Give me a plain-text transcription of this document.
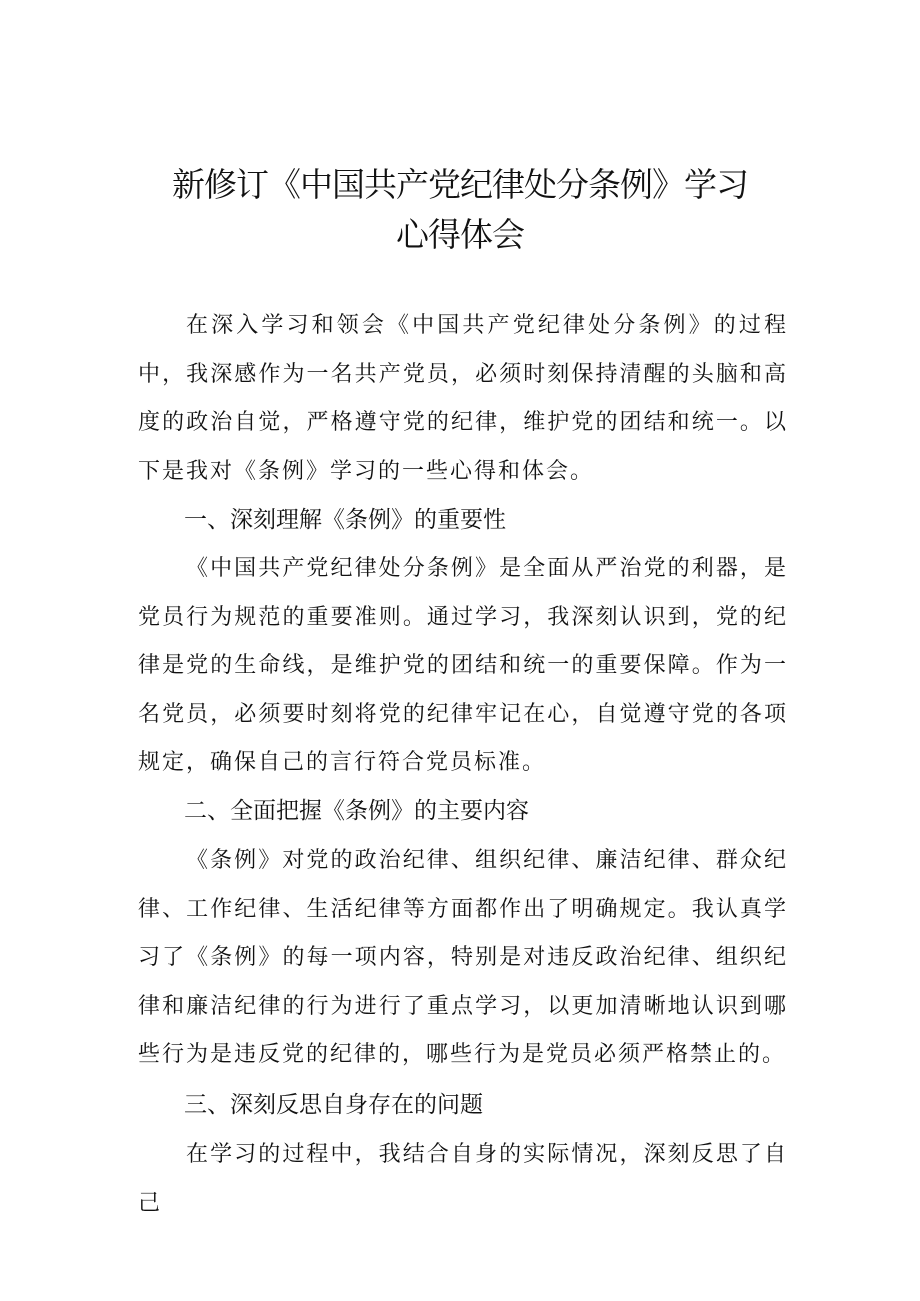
新修订《中国共产党纪律处分条例》学习
心得体会

在深入学习和领会《中国共产党纪律处分条例》的过程中，我深感作为一名共产党员，必须时刻保持清醒的头脑和高度的政治自觉，严格遵守党的纪律，维护党的团结和统一。以下是我对《条例》学习的一些心得和体会。

一、深刻理解《条例》的重要性

《中国共产党纪律处分条例》是全面从严治党的利器，是党员行为规范的重要准则。通过学习，我深刻认识到，党的纪律是党的生命线，是维护党的团结和统一的重要保障。作为一名党员，必须要时刻将党的纪律牢记在心，自觉遵守党的各项规定，确保自己的言行符合党员标准。

二、全面把握《条例》的主要内容

《条例》对党的政治纪律、组织纪律、廉洁纪律、群众纪律、工作纪律、生活纪律等方面都作出了明确规定。我认真学习了《条例》的每一项内容，特别是对违反政治纪律、组织纪律和廉洁纪律的行为进行了重点学习，以更加清晰地认识到哪些行为是违反党的纪律的，哪些行为是党员必须严格禁止的。

三、深刻反思自身存在的问题

在学习的过程中，我结合自身的实际情况，深刻反思了自己
